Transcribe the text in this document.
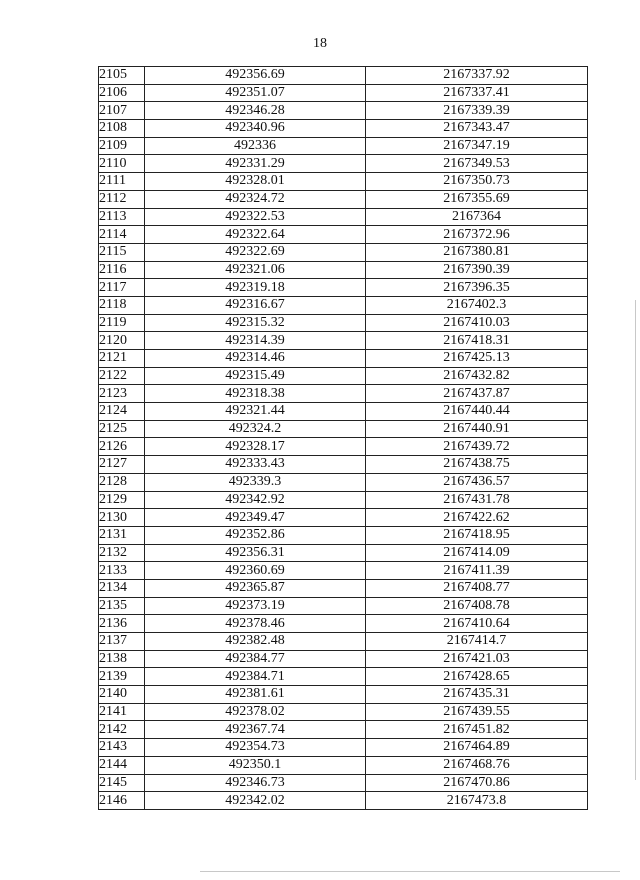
18
2105	492356.69	2167337.92
2106	492351.07	2167337.41
2107	492346.28	2167339.39
2108	492340.96	2167343.47
2109	492336	2167347.19
2110	492331.29	2167349.53
2111	492328.01	2167350.73
2112	492324.72	2167355.69
2113	492322.53	2167364
2114	492322.64	2167372.96
2115	492322.69	2167380.81
2116	492321.06	2167390.39
2117	492319.18	2167396.35
2118	492316.67	2167402.3
2119	492315.32	2167410.03
2120	492314.39	2167418.31
2121	492314.46	2167425.13
2122	492315.49	2167432.82
2123	492318.38	2167437.87
2124	492321.44	2167440.44
2125	492324.2	2167440.91
2126	492328.17	2167439.72
2127	492333.43	2167438.75
2128	492339.3	2167436.57
2129	492342.92	2167431.78
2130	492349.47	2167422.62
2131	492352.86	2167418.95
2132	492356.31	2167414.09
2133	492360.69	2167411.39
2134	492365.87	2167408.77
2135	492373.19	2167408.78
2136	492378.46	2167410.64
2137	492382.48	2167414.7
2138	492384.77	2167421.03
2139	492384.71	2167428.65
2140	492381.61	2167435.31
2141	492378.02	2167439.55
2142	492367.74	2167451.82
2143	492354.73	2167464.89
2144	492350.1	2167468.76
2145	492346.73	2167470.86
2146	492342.02	2167473.8
